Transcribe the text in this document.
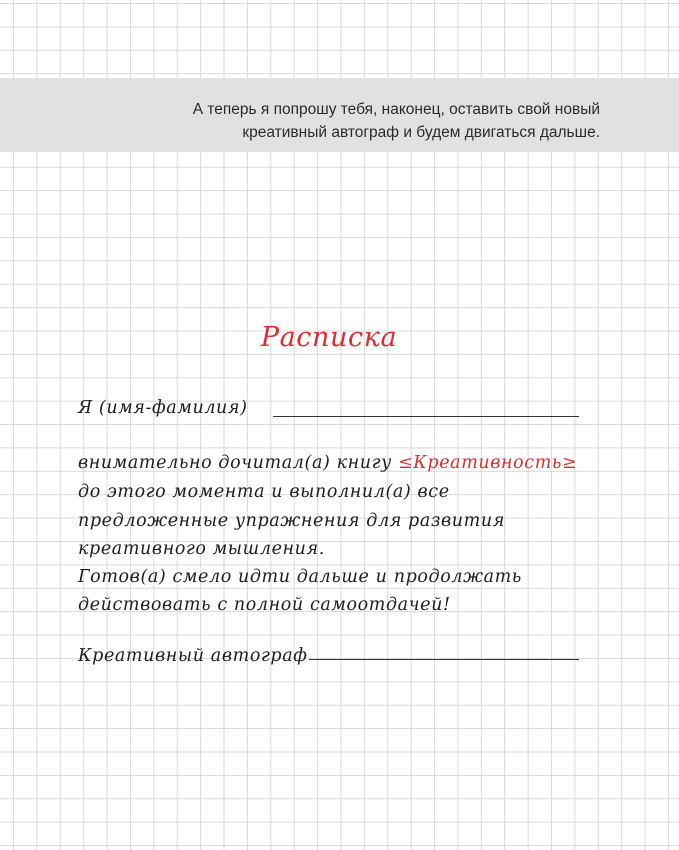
А теперь я попрошу тебя, наконец, оставить свой новый
креативный автограф и будем двигаться дальше.
Расписка
Я (имя-фамилия)
внимательно дочитал(а) книгу ≤Креативность≥
до этого момента и выполнил(а) все
предложенные упражнения для развития
креативного мышления.
Готов(а) смело идти дальше и продолжать
действовать с полной самоотдачей!
Креативный автограф
